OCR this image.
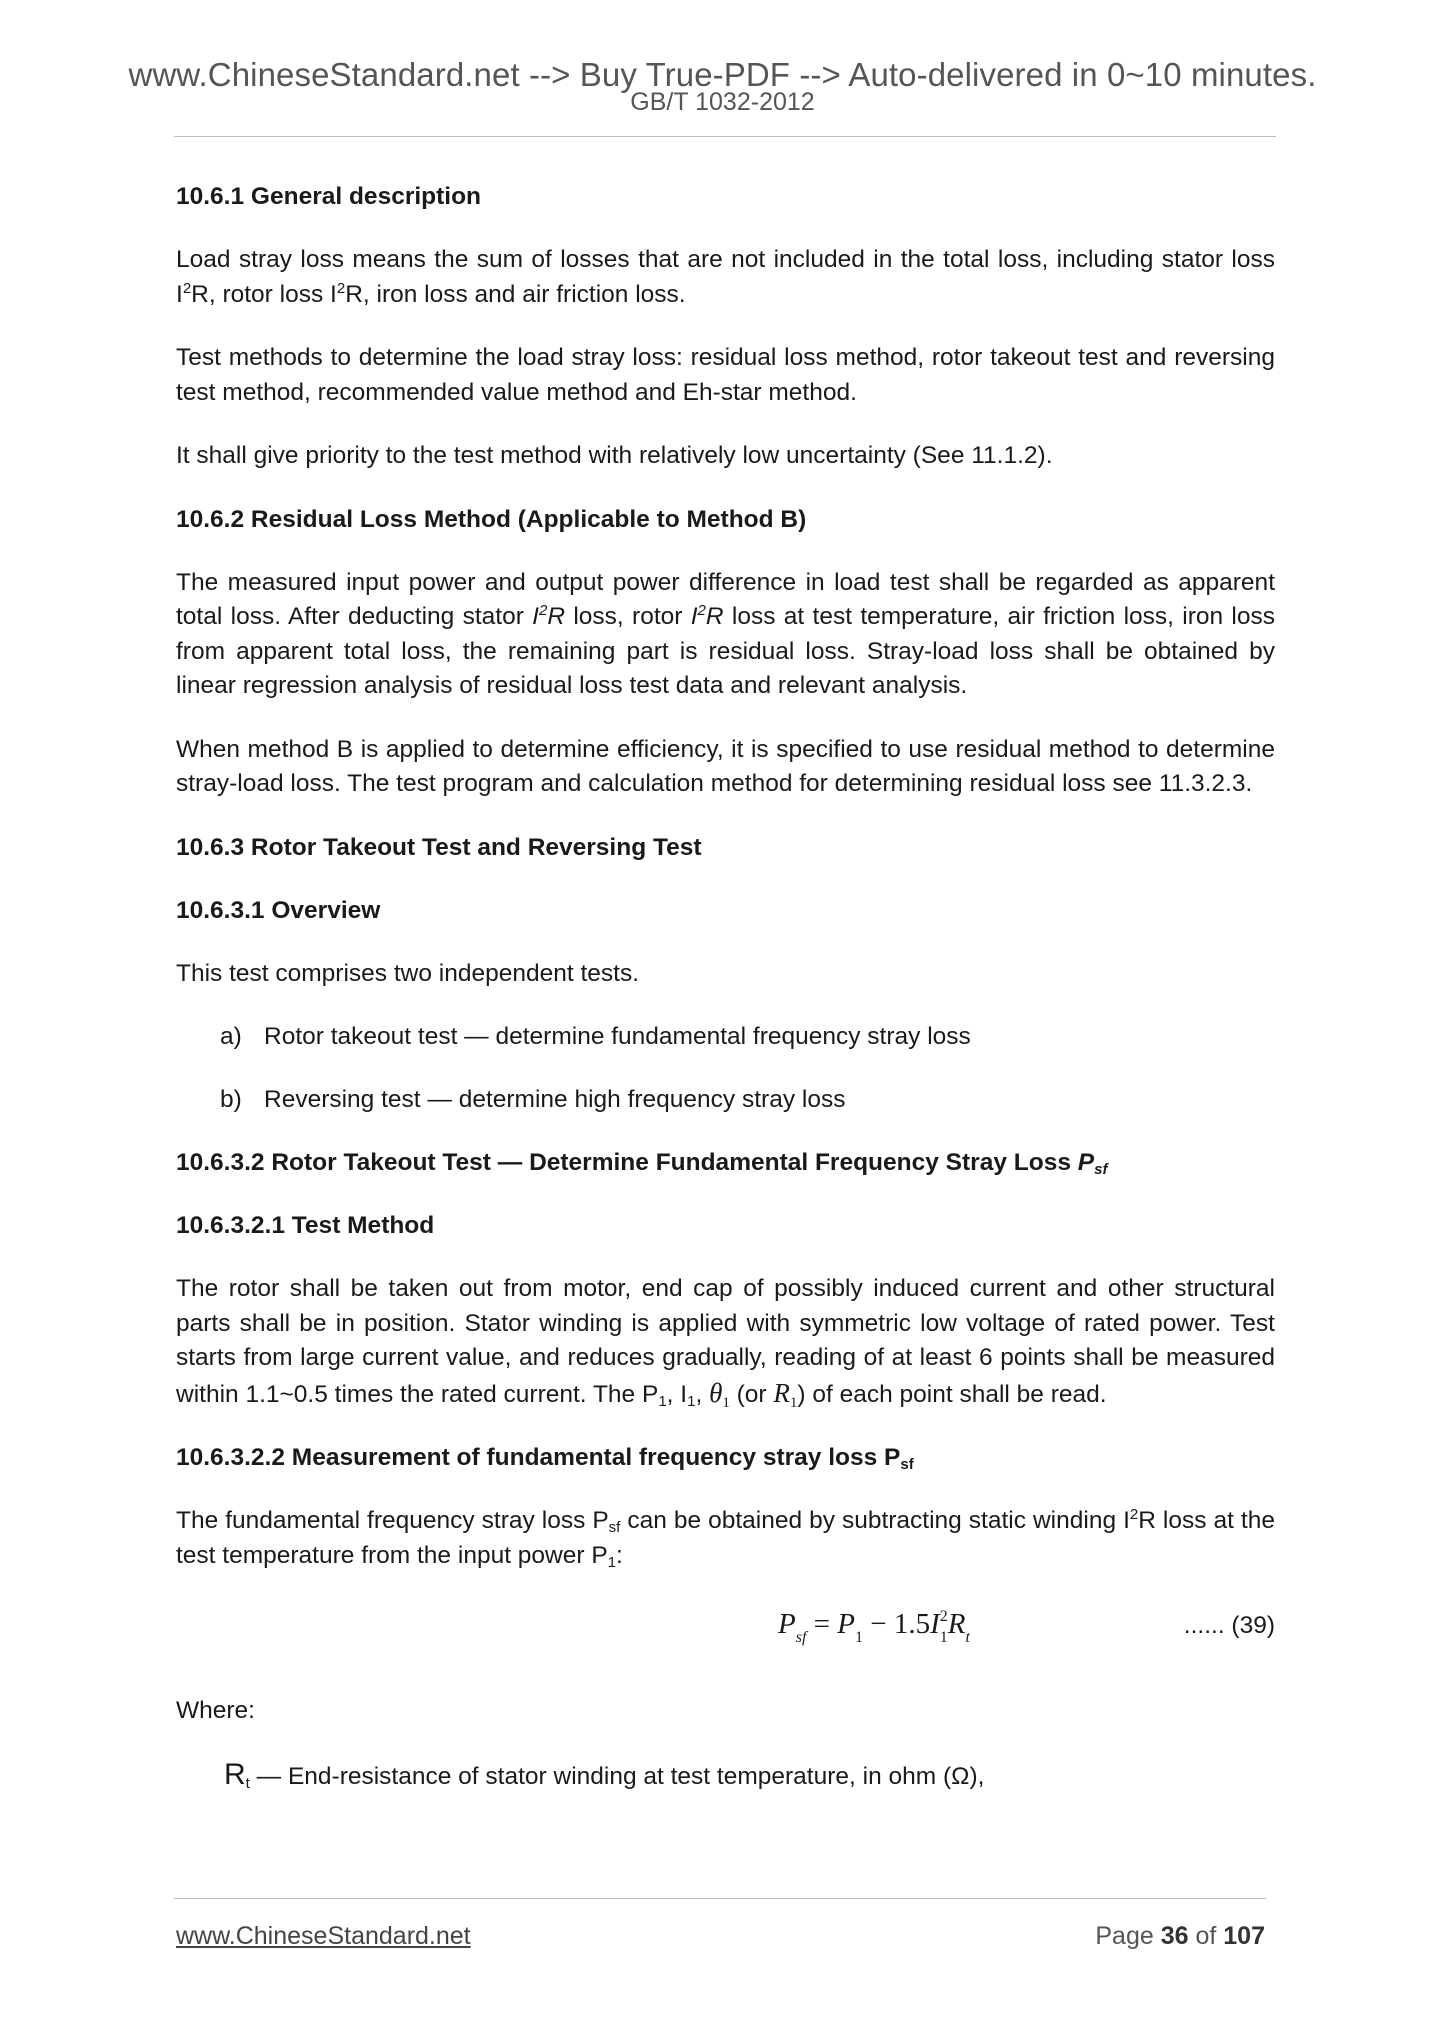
www.ChineseStandard.net --> Buy True-PDF --> Auto-delivered in 0~10 minutes.
GB/T 1032-2012
10.6.1 General description
Load stray loss means the sum of losses that are not included in the total loss, including stator loss $I^2R$, rotor loss $I^2R$, iron loss and air friction loss.
Test methods to determine the load stray loss: residual loss method, rotor takeout test and reversing test method, recommended value method and Eh-star method.
It shall give priority to the test method with relatively low uncertainty (See 11.1.2).
10.6.2 Residual Loss Method (Applicable to Method B)
The measured input power and output power difference in load test shall be regarded as apparent total loss. After deducting stator $I^2R$ loss, rotor $I^2R$ loss at test temperature, air friction loss, iron loss from apparent total loss, the remaining part is residual loss. Stray-load loss shall be obtained by linear regression analysis of residual loss test data and relevant analysis.
When method B is applied to determine efficiency, it is specified to use residual method to determine stray-load loss. The test program and calculation method for determining residual loss see 11.3.2.3.
10.6.3 Rotor Takeout Test and Reversing Test
10.6.3.1 Overview
This test comprises two independent tests.
a) Rotor takeout test — determine fundamental frequency stray loss
b) Reversing test — determine high frequency stray loss
10.6.3.2 Rotor Takeout Test — Determine Fundamental Frequency Stray Loss $P_{sf}$
10.6.3.2.1 Test Method
The rotor shall be taken out from motor, end cap of possibly induced current and other structural parts shall be in position. Stator winding is applied with symmetric low voltage of rated power. Test starts from large current value, and reduces gradually, reading of at least 6 points shall be measured within 1.1~0.5 times the rated current. The $P_1$, $I_1$, $\theta_1$ (or $R_1$) of each point shall be read.
10.6.3.2.2 Measurement of fundamental frequency stray loss $P_{sf}$
The fundamental frequency stray loss $P_{sf}$ can be obtained by subtracting static winding $I^2R$ loss at the test temperature from the input power $P_1$:
$P_{sf} = P_1 - 1.5I_1^2R_t$	...... (39)
Where:
$R_t$ — End-resistance of stator winding at test temperature, in ohm (Ω),
www.ChineseStandard.net	Page 36 of 107
